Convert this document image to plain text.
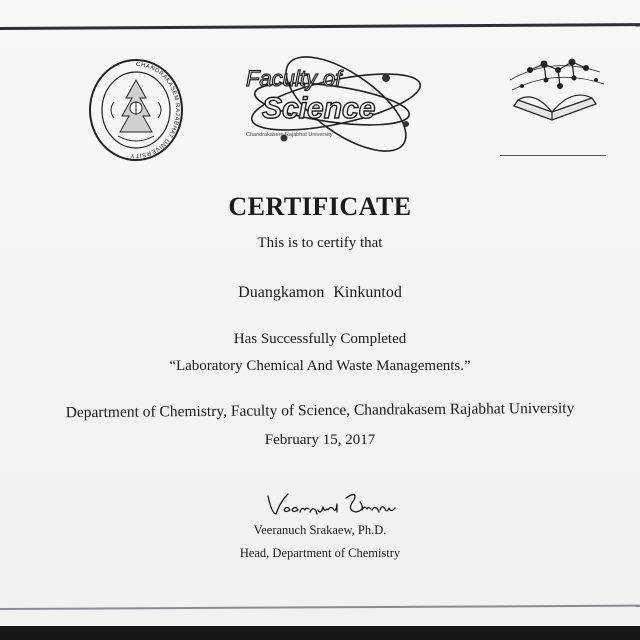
CHANDRAKASEM RAJABHAT UNIVERSITY
Faculty of
Science
Chandrakasem Rajabhat University
CERTIFICATE

This is to certify that

Duangkamon Kinkuntod

Has Successfully Completed

“Laboratory Chemical And Waste Managements.”

Department of Chemistry, Faculty of Science, Chandrakasem Rajabhat University

February 15, 2017

Veeranuch Srakaew, Ph.D.

Head, Department of Chemistry
